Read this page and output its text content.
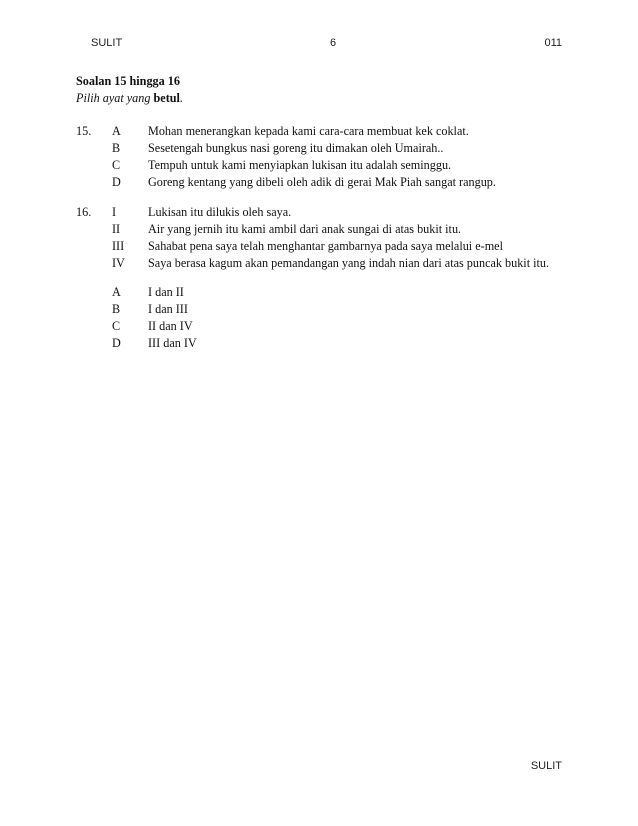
SULIT	6	011
Soalan 15 hingga 16
Pilih ayat yang betul.
15.	A	Mohan menerangkan kepada kami cara-cara membuat kek coklat.
B	Sesetengah bungkus nasi goreng itu dimakan oleh Umairah..
C	Tempuh untuk kami menyiapkan lukisan itu adalah seminggu.
D	Goreng kentang yang dibeli oleh adik di gerai Mak Piah sangat rangup.
16.	I	Lukisan itu dilukis oleh saya.
II	Air yang jernih itu kami ambil dari anak sungai di atas bukit itu.
III	Sahabat pena saya telah menghantar gambarnya pada saya melalui e-mel
IV	Saya berasa kagum akan pemandangan yang indah nian dari atas puncak bukit itu.
A	I dan II
B	I dan III
C	II dan IV
D	III dan IV
SULIT
